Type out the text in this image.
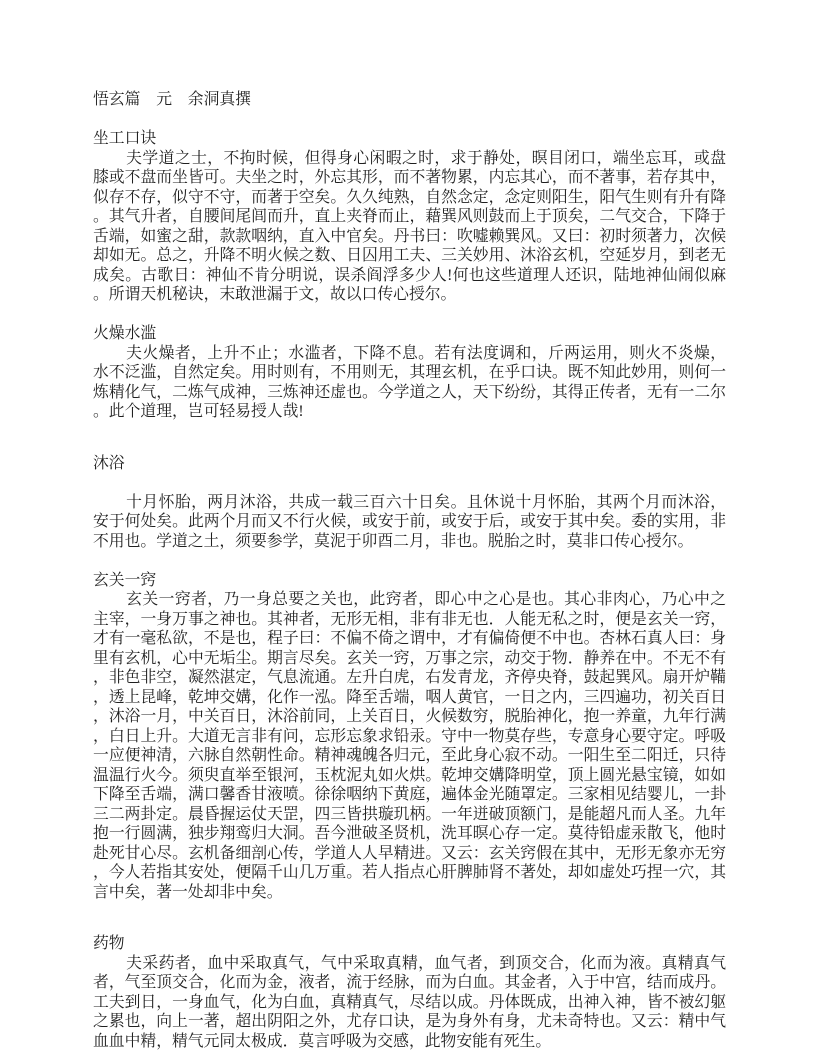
悟玄篇　元　余洞真撰
坐工口诀

夫学道之士，不拘时候，但得身心闲暇之时，求于静处，暝目闭口，端坐忘耳，或盘膝或不盘而坐皆可。夫坐之时，外忘其形，而不著物累，内忘其心，而不著事，若存其中，似存不存，似守不守，而著于空矣。久久纯熟，自然念定，念定则阳生，阳气生则有升有降。其气升者，自腰间尾闾而升，直上夹脊而止，藉巽风则鼓而上于顶矣，二气交合，下降于舌端，如蜜之甜，款款咽纳，直入中官矣。丹书曰：吹嘘赖巽风。又曰：初时须著力，次候却如无。总之，升降不明火候之数、日囚用工夫、三关妙用、沐浴玄机，空延岁月，到老无成矣。古歌日：神仙不肯分明说，误杀阎浮多少人!何也这些道理人还识，陆地神仙闹似麻。所谓天机秘诀，末敢泄漏于文，故以口传心授尔。

火燥水滥

夫火燥者，上升不止；水滥者，下降不息。若有法度调和，斤两运用，则火不炎燥，水不泛滥，自然定矣。用时则有，不用则无，其理玄机，在乎口诀。既不知此妙用，则何一炼精化气，二炼气成神，三炼神还虚也。今学道之人，天下纷纷，其得正传者，无有一二尔。此个道理，岂可轻易授人哉!

沐浴

十月怀胎，两月沐浴，共成一载三百六十日矣。且休说十月怀胎，其两个月而沐浴，安于何处矣。此两个月而又不行火候，或安于前，或安于后，或安于其中矣。委的实用，非不用也。学道之土，须要参学，莫泥于卯酉二月，非也。脱胎之时，莫非口传心授尔。

玄关一窍

玄关一窍者，乃一身总要之关也，此窍者，即心中之心是也。其心非肉心，乃心中之主宰，一身万事之神也。其神者，无形无相，非有非无也．人能无私之时，便是玄关一窍，才有一毫私欲，不是也，程子曰：不偏不倚之谓中，才有偏倚便不中也。杏林石真人曰：身里有玄机，心中无垢尘。期言尽矣。玄关一窍，万事之宗，动交于物．静养在中。不无不有，非色非空，凝然湛定，气息流通。左升白虎，右发青龙，齐停央脊，鼓起巽风。扇开炉鞴，透上昆峰，乾坤交媾，化作一泓。降至舌端，咽人黄官，一日之内，三四遍功，初关百日，沐浴一月，中关百日，沐浴前同，上关百日，火候数穷，脱胎神化，抱一养童，九年行满，白日上升。大道无言非有问，忘形忘象求铅汞。守中一物莫存些，专意身心要守定。呼吸一应便神清，六脉自然朝性命。精神魂魄各归元，至此身心寂不动。一阳生至二阳迁，只待温温行火今。须臾直举至银河，玉枕泥丸如火烘。乾坤交媾降明堂，顶上圆光悬宝镜，如如下降至舌端，满口馨香甘液喷。徐徐咽纳下黄庭，遍体金光随罩定。三家相见结婴儿，一卦三二两卦定。晨昏握运仗天罡，四三皆拱璇玑柄。一年迸破顶额门，是能超凡而人圣。九年抱一行圆满，独步翔鸾归大洞。吾今泄破圣贤机，洗耳暝心存一定。莫待铅虚汞散飞，他时赴死甘心尽。玄机备细剖心传，学道人人早精进。又云：玄关窍假在其中，无形无象亦无穷，今人若指其安处，便隔千山几万重。若人指点心肝脾肺肾不著处，却如虚处巧捏一穴，其言中矣，著一处却非中矣。

药物

夫采药者，血中采取真气，气中采取真精，血气者，到顶交合，化而为液。真精真气者，气至顶交合，化而为金，液者，流于经脉，而为白血。其金者，入于中宫，结而成丹。工夫到日，一身血气，化为白血，真精真气，尽结以成。丹体既成，出神入神，皆不被幻躯之累也，向上一著，超出阴阳之外，尤存口诀，是为身外有身，尤未奇特也。又云：精中气血血中精，精气元同太极成．莫言呼吸为交感，此物安能有死生。
